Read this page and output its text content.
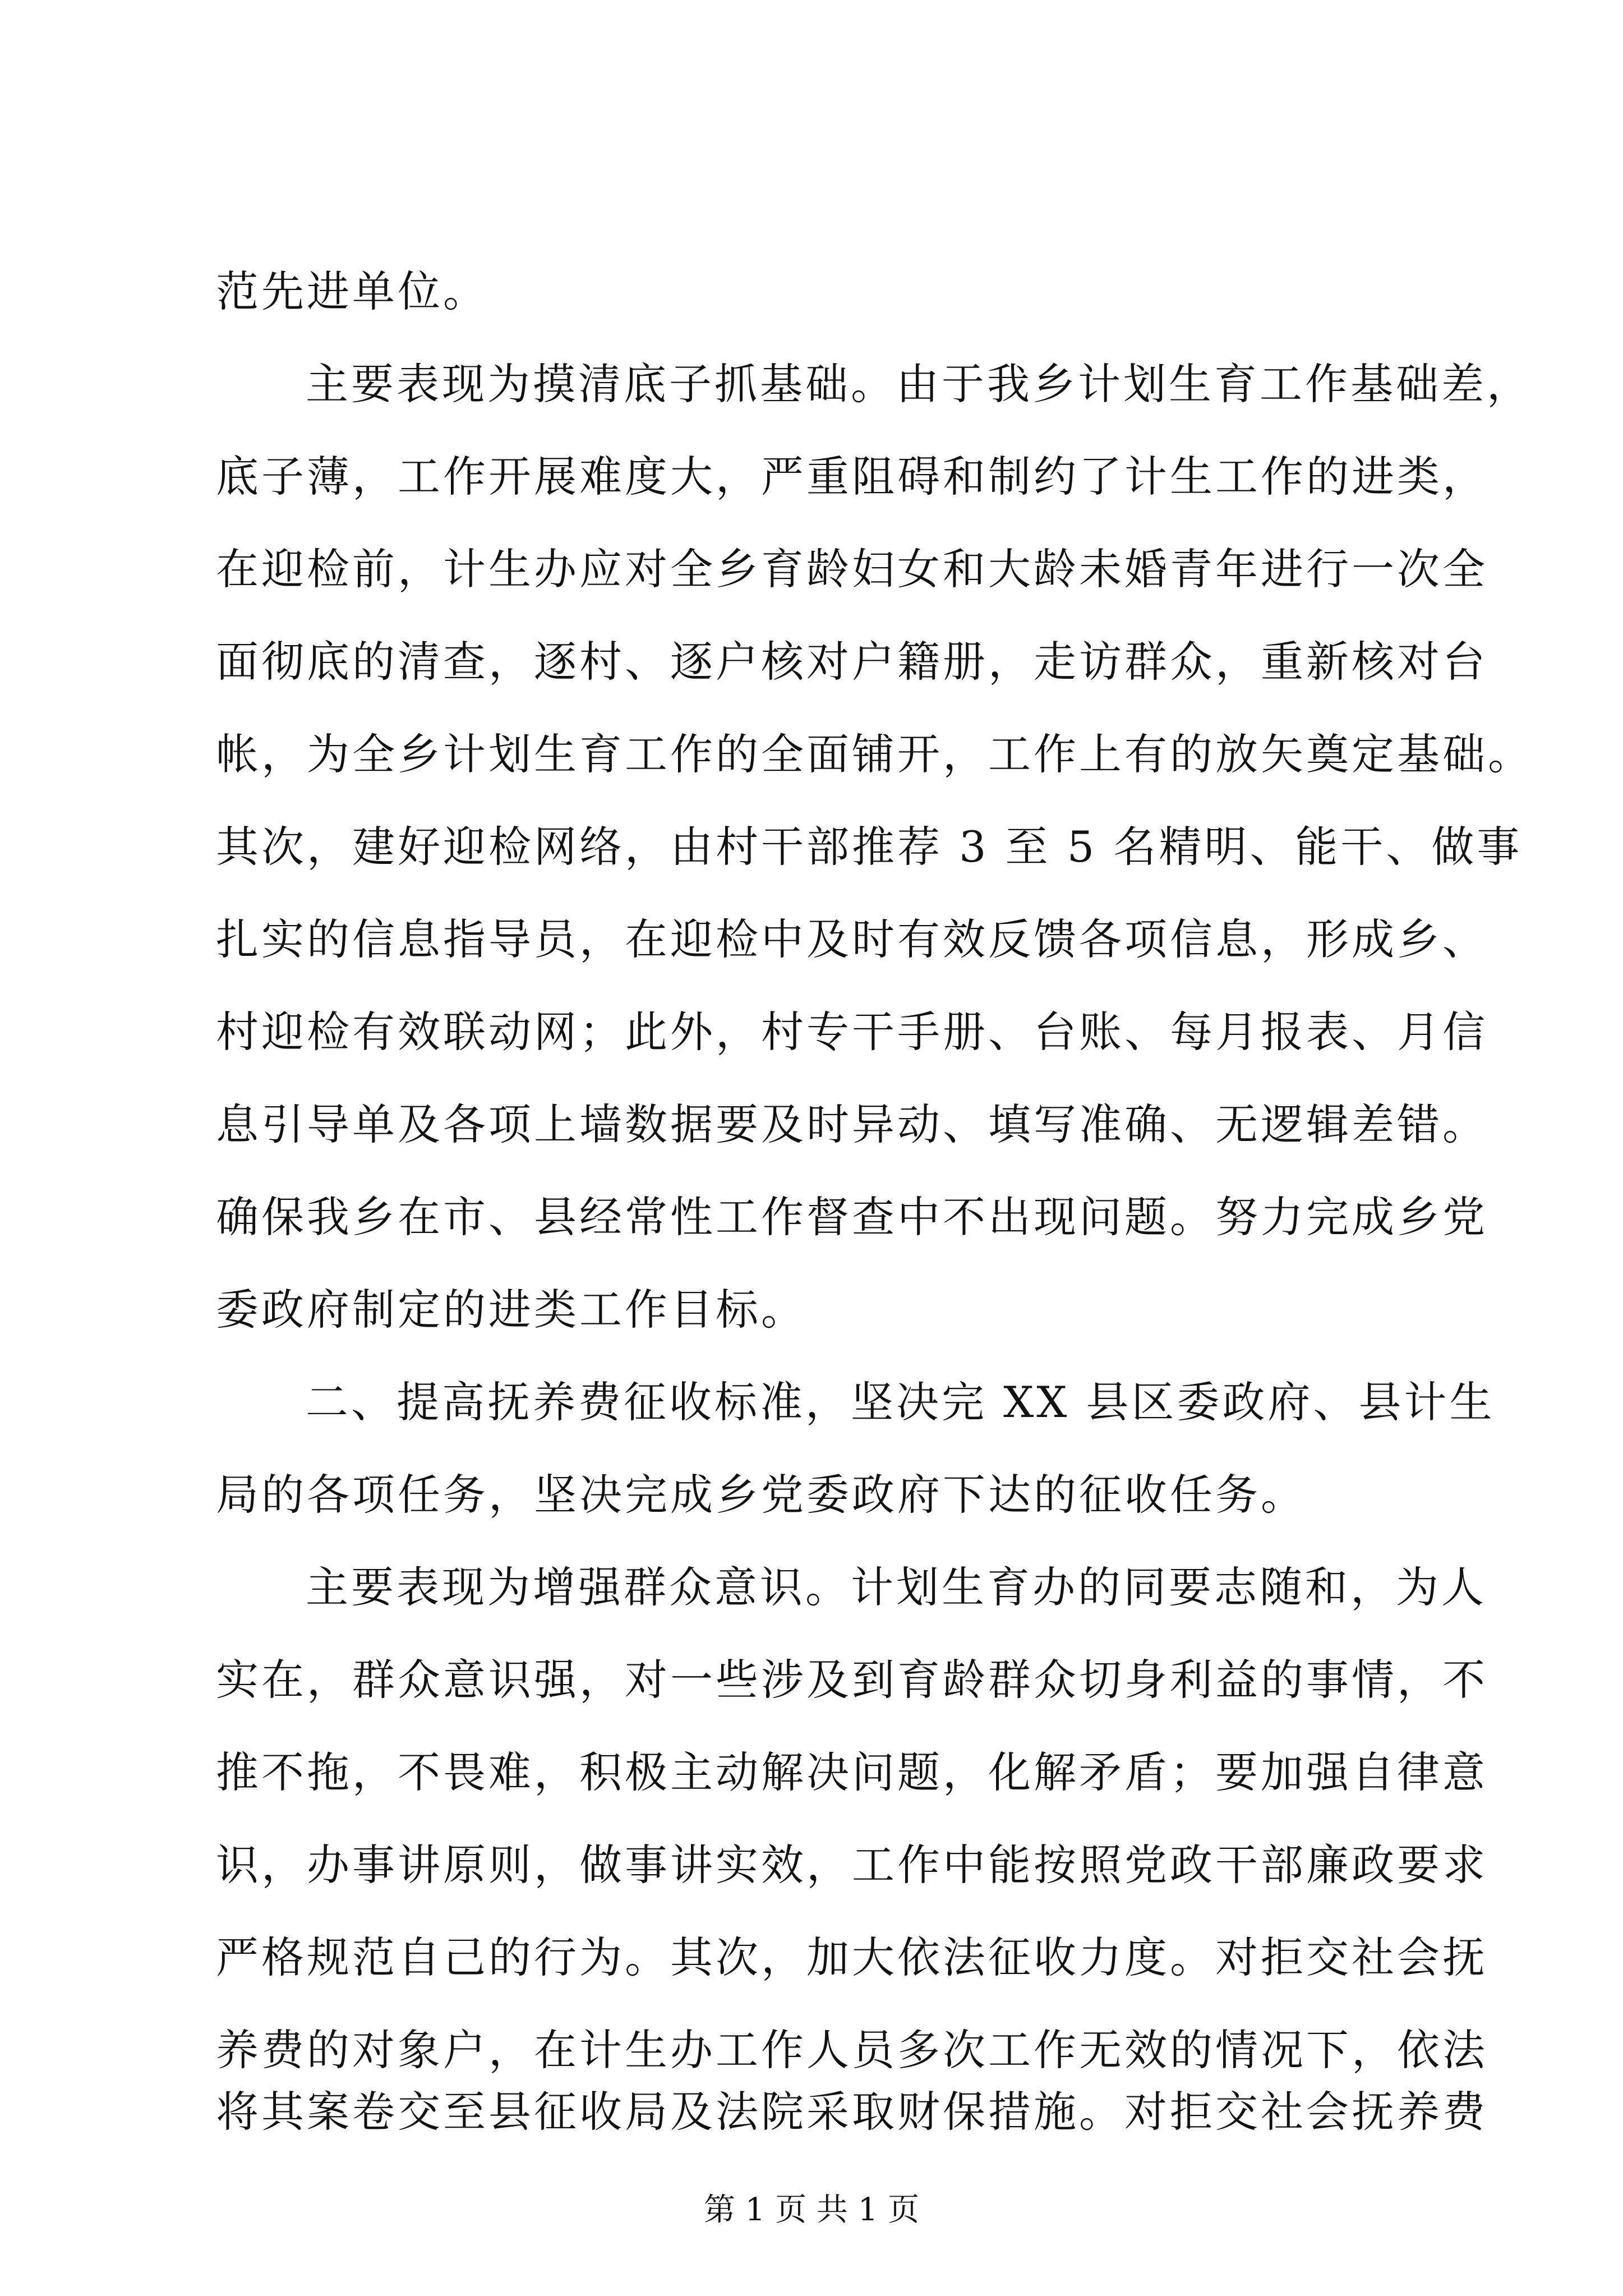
范先进单位。
主要表现为摸清底子抓基础。由于我乡计划生育工作基础差，
底子薄，工作开展难度大，严重阻碍和制约了计生工作的进类，
在迎检前，计生办应对全乡育龄妇女和大龄未婚青年进行一次全
面彻底的清查，逐村、逐户核对户籍册，走访群众，重新核对台
帐，为全乡计划生育工作的全面铺开，工作上有的放矢奠定基础。
其次，建好迎检网络，由村干部推荐 3 至 5 名精明、能干、做事
扎实的信息指导员，在迎检中及时有效反馈各项信息，形成乡、
村迎检有效联动网；此外，村专干手册、台账、每月报表、月信
息引导单及各项上墙数据要及时异动、填写准确、无逻辑差错。
确保我乡在市、县经常性工作督查中不出现问题。努力完成乡党
委政府制定的进类工作目标。
二、提高抚养费征收标准，坚决完 XX 县区委政府、县计生
局的各项任务，坚决完成乡党委政府下达的征收任务。
主要表现为增强群众意识。计划生育办的同要志随和，为人
实在，群众意识强，对一些涉及到育龄群众切身利益的事情，不
推不拖，不畏难，积极主动解决问题，化解矛盾；要加强自律意
识，办事讲原则，做事讲实效，工作中能按照党政干部廉政要求
严格规范自己的行为。其次，加大依法征收力度。对拒交社会抚
养费的对象户，在计生办工作人员多次工作无效的情况下，依法
将其案卷交至县征收局及法院采取财保措施。对拒交社会抚养费
第 1 页 共 1 页
